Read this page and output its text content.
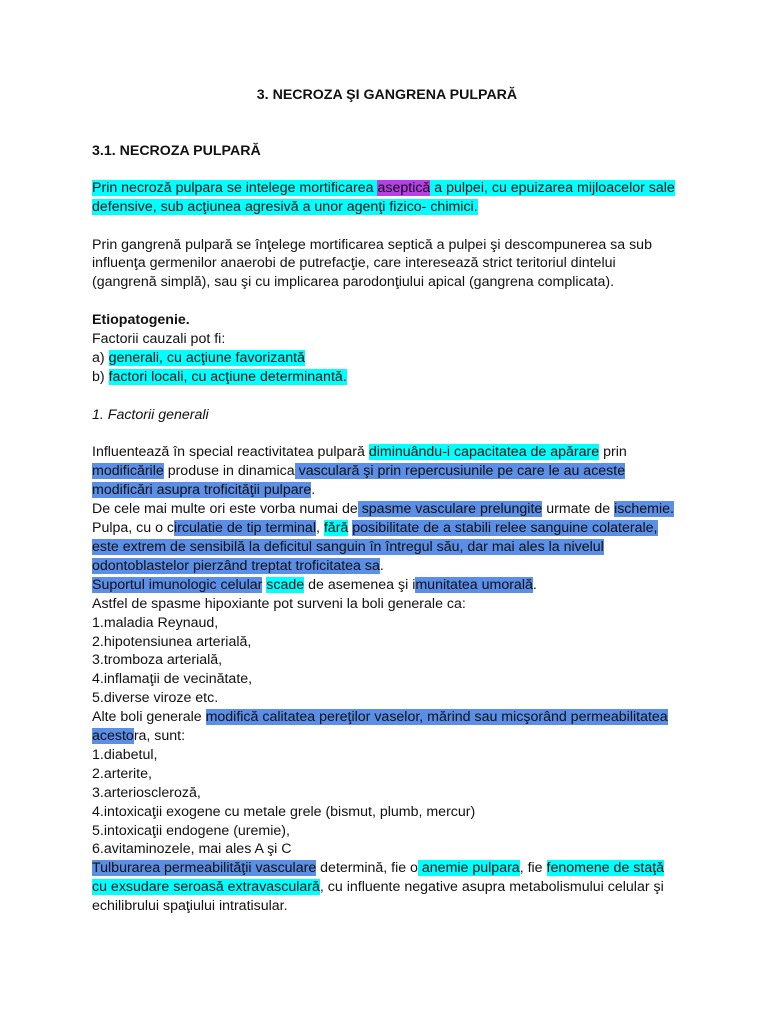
3. NECROZA ŞI GANGRENA PULPARĂ

3.1. NECROZA PULPARĂ

Prin necroză pulpara se intelege mortificarea aseptică a pulpei, cu epuizarea mijloacelor sale defensive, sub acţiunea agresivă a unor agenţi fizico- chimici.

Prin gangrenă pulpară se înţelege mortificarea septică a pulpei şi descompunerea sa sub influenţa germenilor anaerobi de putrefacţie, care interesează strict teritoriul dintelui (gangrenă simplă), sau şi cu implicarea parodonţiului apical (gangrena complicata).

Etiopatogenie.

Factorii cauzali pot fi:

a) generali, cu acţiune favorizantă

b) factori locali, cu acţiune determinantă.

1. Factorii generali

Influentează în special reactivitatea pulpară diminuându-i capacitatea de apărare prin modificările produse in dinamica vasculară şi prin repercusiunile pe care le au aceste modificări asupra troficităţii pulpare.

De cele mai multe ori este vorba numai de spasme vasculare prelungite urmate de ischemie.

Pulpa, cu o circulatie de tip terminal, fără posibilitate de a stabili relee sanguine colaterale, este extrem de sensibilă la deficitul sanguin în întregul său, dar mai ales la nivelul odontoblastelor pierzând treptat troficitatea sa.

Suportul imunologic celular scade de asemenea şi imunitatea umorală.

Astfel de spasme hipoxiante pot surveni la boli generale ca:

1.maladia Reynaud,

2.hipotensiunea arterială,

3.tromboza arterială,

4.inflamaţii de vecinătate,

5.diverse viroze etc.

Alte boli generale modifică calitatea pereţilor vaselor, mărind sau micşorând permeabilitatea acestora, sunt:

1.diabetul,

2.arterite,

3.arterioscleroză,

4.intoxicaţii exogene cu metale grele (bismut, plumb, mercur)

5.intoxicaţii endogene (uremie),

6.avitaminozele, mai ales A şi C

Tulburarea permeabilităţii vasculare determină, fie o anemie pulpara, fie fenomene de staţă cu exsudare seroasă extravasculară, cu influente negative asupra metabolismului celular şi echilibrului spaţiului intratisular.
